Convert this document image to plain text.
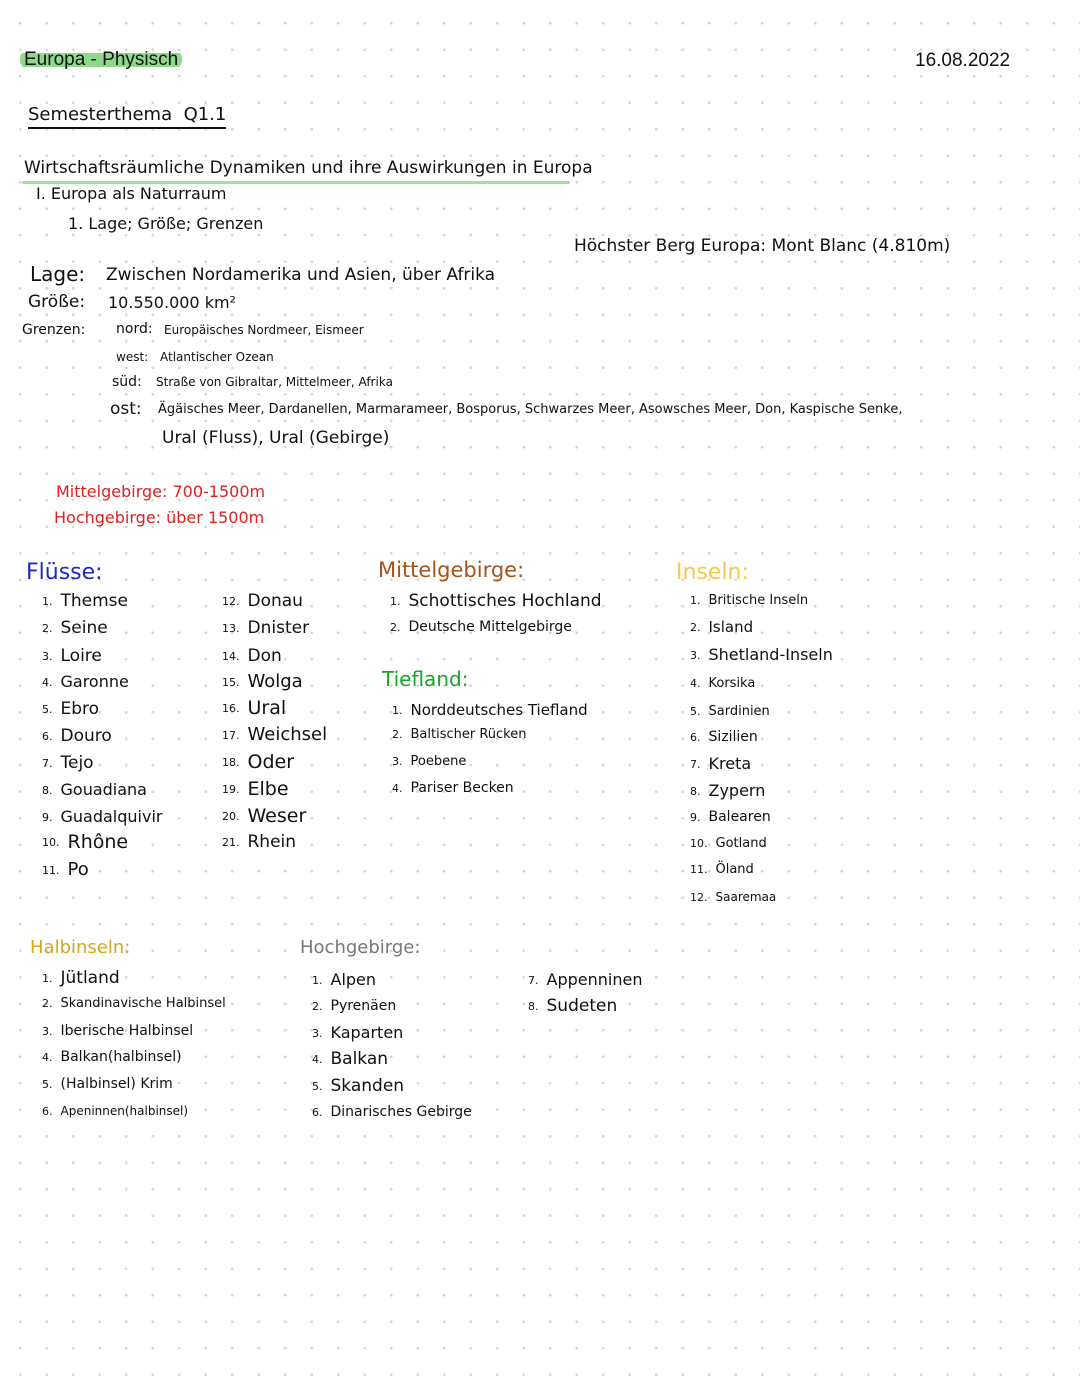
Europa - Physisch	16.08.2022
Semesterthema  Q1.1
Wirtschaftsräumliche Dynamiken und ihre Auswirkungen in Europa
I. Europa als Naturraum
1. Lage; Größe; Grenzen
Höchster Berg Europa: Mont Blanc (4.810m)
Lage: Zwischen Nordamerika und Asien, über Afrika
Größe: 10.550.000 km²
Grenzen: nord: Europäisches Nordmeer, Eismeer
west: Atlantischer Ozean
süd: Straße von Gibraltar, Mittelmeer, Afrika
ost: Ägäisches Meer, Dardanellen, Marmarameer, Bosporus, Schwarzes Meer, Asowsches Meer, Don, Kaspische Senke,
Ural (Fluss), Ural (Gebirge)
Mittelgebirge: 700-1500m
Hochgebirge: über 1500m
Flüsse:
1. Themse
2. Seine
3. Loire
4. Garonne
5. Ebro
6. Douro
7. Tejo
8. Gouadiana
9. Guadalquivir
10. Rhône
11. Po
12. Donau
13. Dnister
14. Don
15. Wolga
16. Ural
17. Weichsel
18. Oder
19. Elbe
20. Weser
21. Rhein
Mittelgebirge:
1. Schottisches Hochland
2. Deutsche Mittelgebirge
Tiefland:
1. Norddeutsches Tiefland
2. Baltischer Rücken
3. Poebene
4. Pariser Becken
Inseln:
1. Britische Inseln
2. Island
3. Shetland-Inseln
4. Korsika
5. Sardinien
6. Sizilien
7. Kreta
8. Zypern
9. Balearen
10. Gotland
11. Öland
12. Saaremaa
Halbinseln:
1. Jütland
2. Skandinavische Halbinsel
3. Iberische Halbinsel
4. Balkan(halbinsel)
5. (Halbinsel) Krim
6. Apeninnen(halbinsel)
Hochgebirge:
1. Alpen
2. Pyrenäen
3. Kaparten
4. Balkan
5. Skanden
6. Dinarisches Gebirge
7. Appenninen
8. Sudeten
